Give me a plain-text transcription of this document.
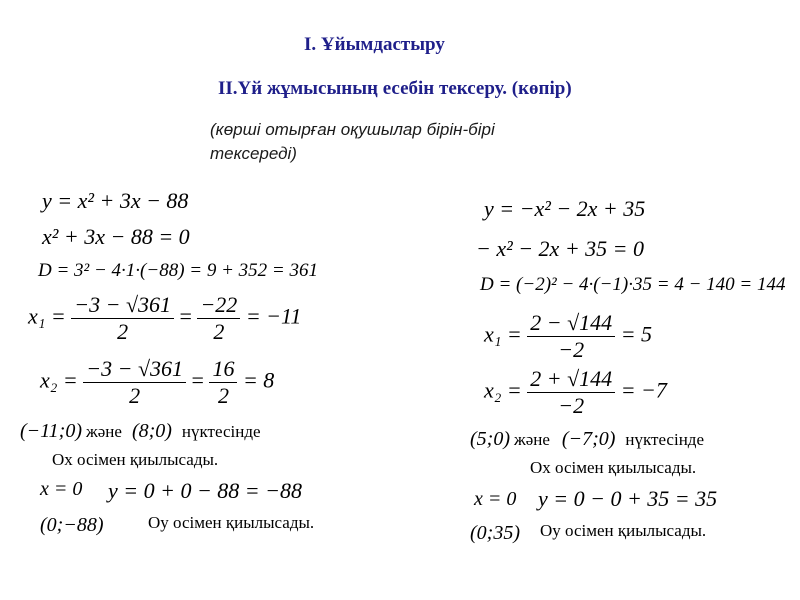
I. Ұйымдастыру
II.Үй жұмысының есебін тексеру. (көпір)
(көрші отырған оқушылар бірін-бірі тексереді)
y = x² + 3x − 88
x² + 3x − 88 = 0
D = 3² − 4·1·(−88) = 9 + 352 = 361
$x_1 = \frac{-3 - √361}{2} = \frac{-22}{2} = -11$
$x_2 = \frac{-3 - √361}{2} = \frac{16}{2} = 8$
(−11;0) және (8;0) нүктесінде
Ох осімен қиылысады.
x = 0 y = 0 + 0 − 88 = −88
(0;−88)	Оу осімен қиылысады.
y = −x² − 2x + 35
− x² − 2x + 35 = 0
D = (−2)² − 4·(−1)·35 = 4 − 140 = 144
$x_1 = \frac{2 - √144}{-2} = 5$
$x_2 = \frac{2 + √144}{-2} = -7$
(5;0) және (−7;0) нүктесінде
Ох осімен қиылысады.
x = 0 y = 0 − 0 + 35 = 35
(0;35) Оу осімен қиылысады.
